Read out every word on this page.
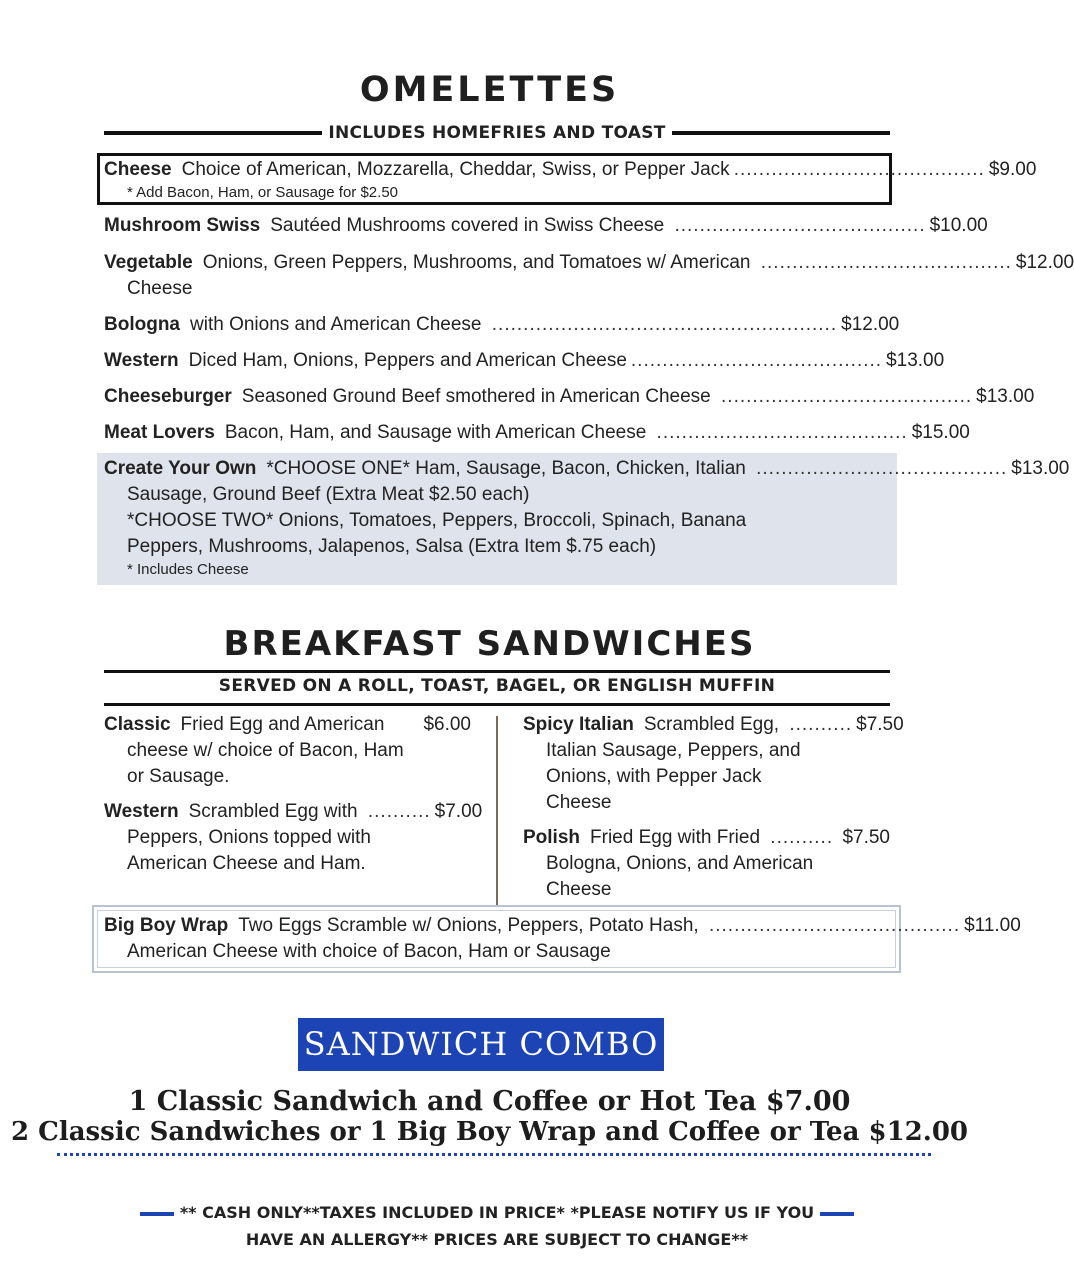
OMELETTES
INCLUDES HOMEFRIES AND TOAST
Cheese Choice of American, Mozzarella, Cheddar, Swiss, or Pepper Jack ........................................ $9.00
* Add Bacon, Ham, or Sausage for $2.50
Mushroom Swiss Sautéed Mushrooms covered in Swiss Cheese ........................................ $10.00
Vegetable Onions, Green Peppers, Mushrooms, and Tomatoes w/ American ........................................ $12.00
Cheese
Bologna with Onions and American Cheese ....................................................... $12.00
Western Diced Ham, Onions, Peppers and American Cheese ........................................ $13.00
Cheeseburger Seasoned Ground Beef smothered in American Cheese ........................................ $13.00
Meat Lovers Bacon, Ham, and Sausage with American Cheese ........................................ $15.00
Create Your Own *CHOOSE ONE* Ham, Sausage, Bacon, Chicken, Italian ........................................ $13.00
Sausage, Ground Beef (Extra Meat $2.50 each)
*CHOOSE TWO* Onions, Tomatoes, Peppers, Broccoli, Spinach, Banana
Peppers, Mushrooms, Jalapenos, Salsa (Extra Item $.75 each)
* Includes Cheese
BREAKFAST SANDWICHES
SERVED ON A ROLL, TOAST, BAGEL, OR ENGLISH MUFFIN
Classic Fried Egg and American
$6.00
cheese w/ choice of Bacon, Ham
or Sausage.
Western Scrambled Egg with .......... $7.00
Peppers, Onions topped with
American Cheese and Ham.
Spicy Italian Scrambled Egg, .......... $7.50
Italian Sausage, Peppers, and
Onions, with Pepper Jack
Cheese
Polish Fried Egg with Fried .......... $7.50
Bologna, Onions, and American
Cheese
Big Boy Wrap Two Eggs Scramble w/ Onions, Peppers, Potato Hash, ........................................ $11.00
American Cheese with choice of Bacon, Ham or Sausage
SANDWICH COMBO
1 Classic Sandwich and Coffee or Hot Tea $7.00
2 Classic Sandwiches or 1 Big Boy Wrap and Coffee or Tea $12.00
** CASH ONLY**TAXES INCLUDED IN PRICE* *PLEASE NOTIFY US IF YOU
HAVE AN ALLERGY** PRICES ARE SUBJECT TO CHANGE**
